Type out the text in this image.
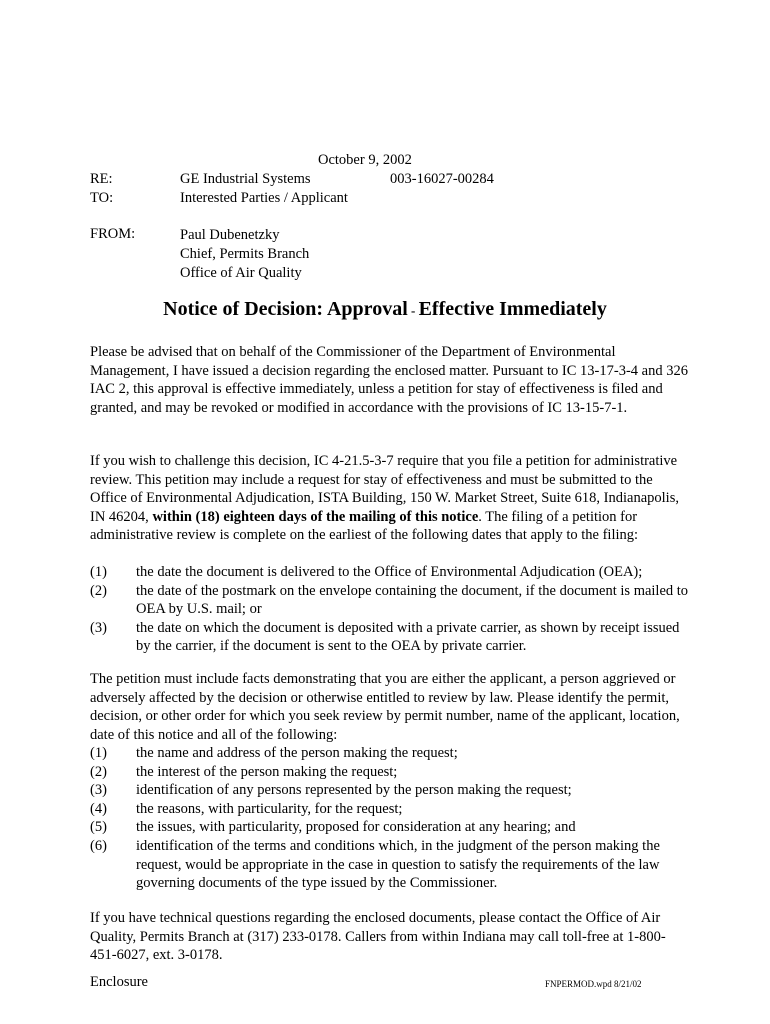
October 9, 2002
RE:	GE Industrial Systems	003-16027-00284
TO:	Interested Parties / Applicant
FROM:	Paul Dubenetzky
Chief, Permits Branch
Office of Air Quality
Notice of Decision: Approval - Effective Immediately

Please be advised that on behalf of the Commissioner of the Department of Environmental Management, I have issued a decision regarding the enclosed matter. Pursuant to IC 13-17-3-4 and 326 IAC 2, this approval is effective immediately, unless a petition for stay of effectiveness is filed and granted, and may be revoked or modified in accordance with the provisions of IC 13-15-7-1.

If you wish to challenge this decision, IC 4-21.5-3-7 require that you file a petition for administrative review. This petition may include a request for stay of effectiveness and must be submitted to the Office of Environmental Adjudication, ISTA Building, 150 W. Market Street, Suite 618, Indianapolis, IN 46204, within (18) eighteen days of the mailing of this notice. The filing of a petition for administrative review is complete on the earliest of the following dates that apply to the filing:

(1) the date the document is delivered to the Office of Environmental Adjudication (OEA);
(2) the date of the postmark on the envelope containing the document, if the document is mailed to OEA by U.S. mail; or
(3) the date on which the document is deposited with a private carrier, as shown by receipt issued by the carrier, if the document is sent to the OEA by private carrier.

The petition must include facts demonstrating that you are either the applicant, a person aggrieved or adversely affected by the decision or otherwise entitled to review by law. Please identify the permit, decision, or other order for which you seek review by permit number, name of the applicant, location, date of this notice and all of the following:

(1) the name and address of the person making the request;
(2) the interest of the person making the request;
(3) identification of any persons represented by the person making the request;
(4) the reasons, with particularity, for the request;
(5) the issues, with particularity, proposed for consideration at any hearing; and
(6) identification of the terms and conditions which, in the judgment of the person making the request, would be appropriate in the case in question to satisfy the requirements of the law governing documents of the type issued by the Commissioner.

If you have technical questions regarding the enclosed documents, please contact the Office of Air Quality, Permits Branch at (317) 233-0178. Callers from within Indiana may call toll-free at 1-800-451-6027, ext. 3-0178.

Enclosure	FNPERMOD.wpd 8/21/02
